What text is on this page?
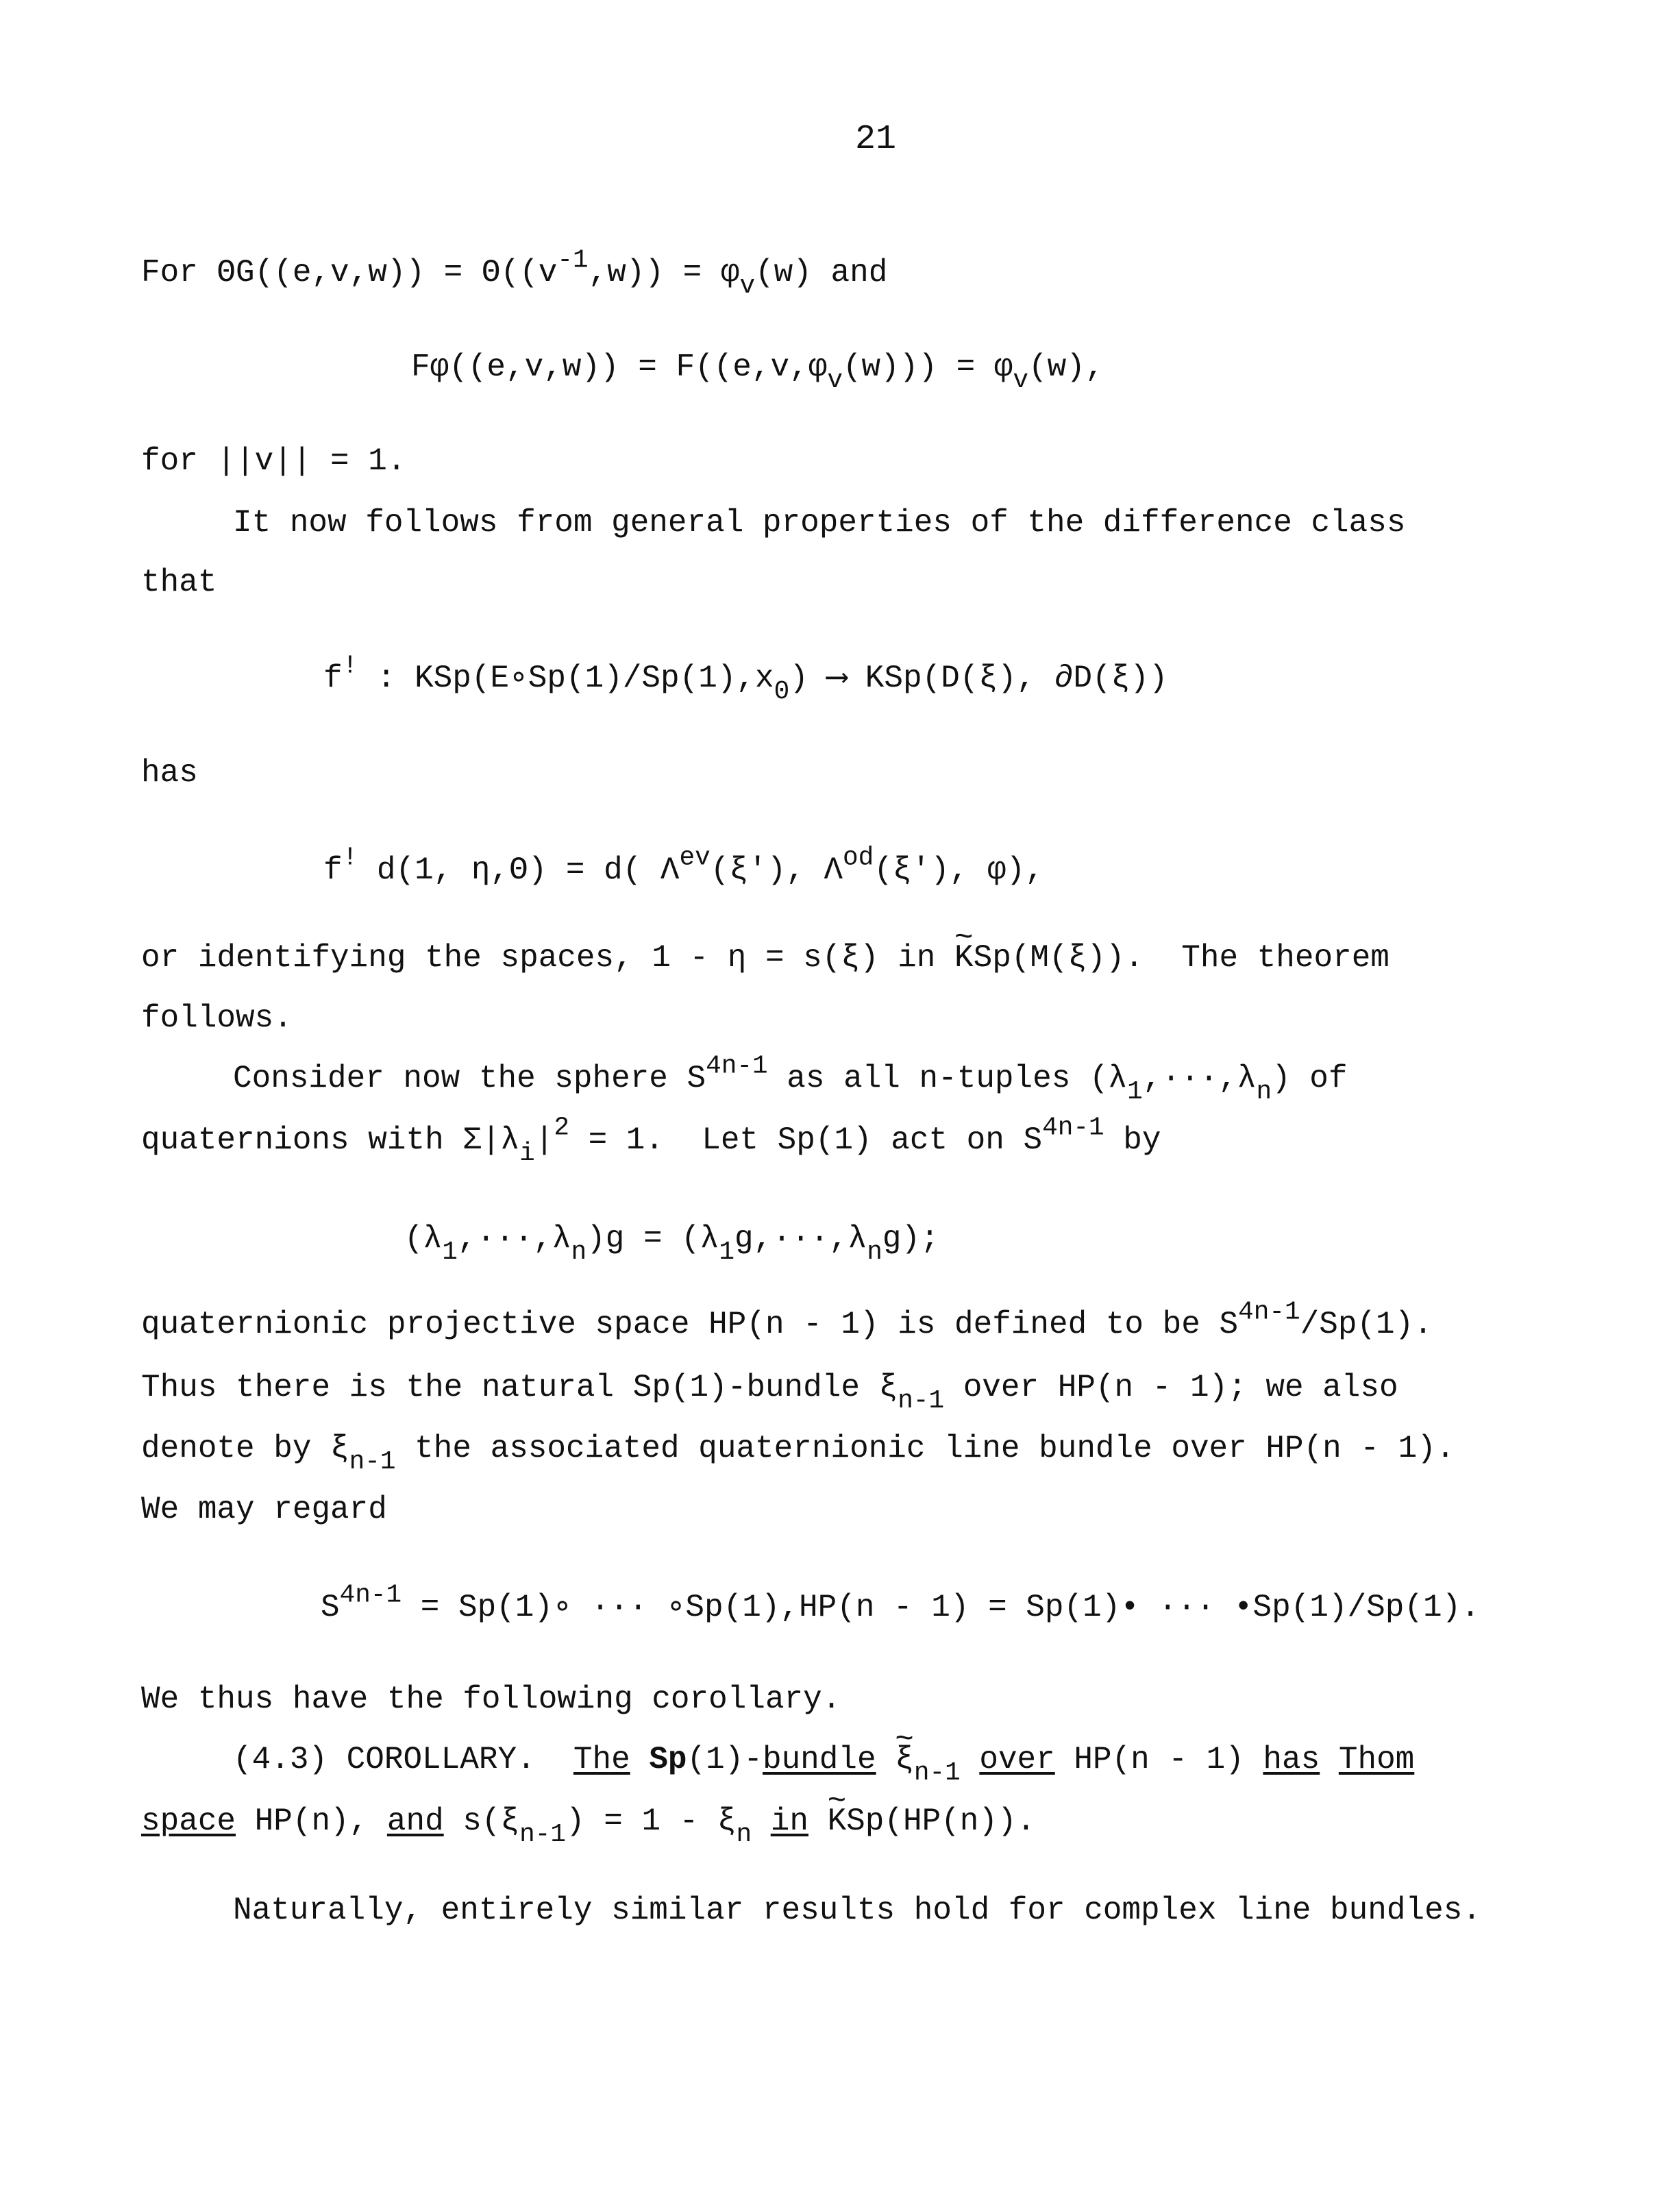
21
For $\Theta G((e,v,w)) = \Theta((v^{-1},w)) = \varphi_v(w)$ and
$F\varphi((e,v,w)) = F((e,v,\varphi_v(w))) = \varphi_v(w)$,
for ||v|| = 1.
It now follows from general properties of the difference class
that
f! : $KSp(E\circ Sp(1)/Sp(1),x_0)$ ⟶ KSp(D(ξ), ∂D(ξ))
has
f! d(1, η,Θ) = d( $\Lambda^{ev}(\xi')$, $\Lambda^{od}(\xi')$, φ),
or identifying the spaces, 1 - η = s(ξ) in ~ KSp(M(ξ)).  The theorem
follows.
Consider now the sphere $S^{4n-1}$ as all n-tuples $(\lambda_1,\cdot\cdot\cdot,\lambda_n)$ of
quaternions with $\Sigma|\lambda_i|^2 = 1$.  Let Sp(1) act on $S^{4n-1}$ by
$(\lambda_1,\cdot\cdot\cdot,\lambda_n)g = (\lambda_1g,\cdot\cdot\cdot,\lambda_ng)$;
quaternionic projective space HP(n - 1) is defined to be $S^{4n-1}/Sp(1)$.
Thus there is the natural Sp(1)-bundle $\xi_{n-1}$ over HP(n - 1); we also
denote by $\xi_{n-1}$ the associated quaternionic line bundle over HP(n - 1).
We may regard
$S^{4n-1}$ = Sp(1)∘ ··· ∘Sp(1),HP(n - 1) = Sp(1)• ··· •Sp(1)/Sp(1).
We thus have the following corollary.
(4.3) COROLLARY.  The Sp(1)-bundle ~ $\xi_{n-1}$ over HP(n - 1) has Thom
space HP(n), and $s(\xi_{n-1}) = 1 - \xi_n$ in ~ KSp(HP(n)).
Naturally, entirely similar results hold for complex line bundles.
